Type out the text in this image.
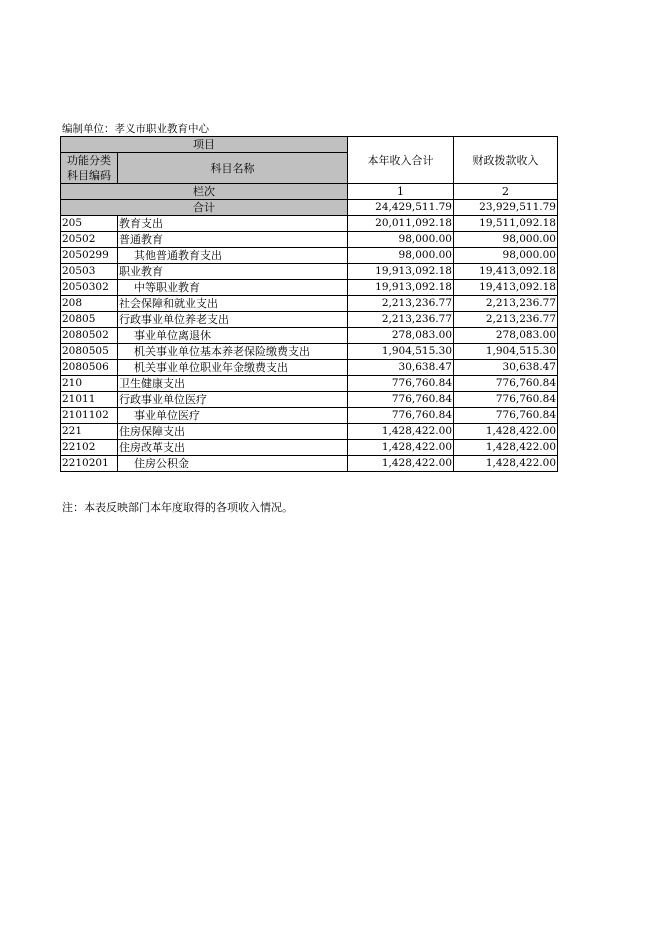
编制单位：孝义市职业教育中心
项目		本年收入合计	财政拨款收入
功能分类
科目编码	科目名称		
栏次		1	2
合计		24,429,511.79	23,929,511.79
205	教育支出	20,011,092.18	19,511,092.18
20502	普通教育	98,000.00	98,000.00
2050299	其他普通教育支出	98,000.00	98,000.00
20503	职业教育	19,913,092.18	19,413,092.18
2050302	中等职业教育	19,913,092.18	19,413,092.18
208	社会保障和就业支出	2,213,236.77	2,213,236.77
20805	行政事业单位养老支出	2,213,236.77	2,213,236.77
2080502	事业单位离退休	278,083.00	278,083.00
2080505	机关事业单位基本养老保险缴费支出	1,904,515.30	1,904,515.30
2080506	机关事业单位职业年金缴费支出	30,638.47	30,638.47
210	卫生健康支出	776,760.84	776,760.84
21011	行政事业单位医疗	776,760.84	776,760.84
2101102	事业单位医疗	776,760.84	776,760.84
221	住房保障支出	1,428,422.00	1,428,422.00
22102	住房改革支出	1,428,422.00	1,428,422.00
2210201	住房公积金	1,428,422.00	1,428,422.00
注：本表反映部门本年度取得的各项收入情况。
